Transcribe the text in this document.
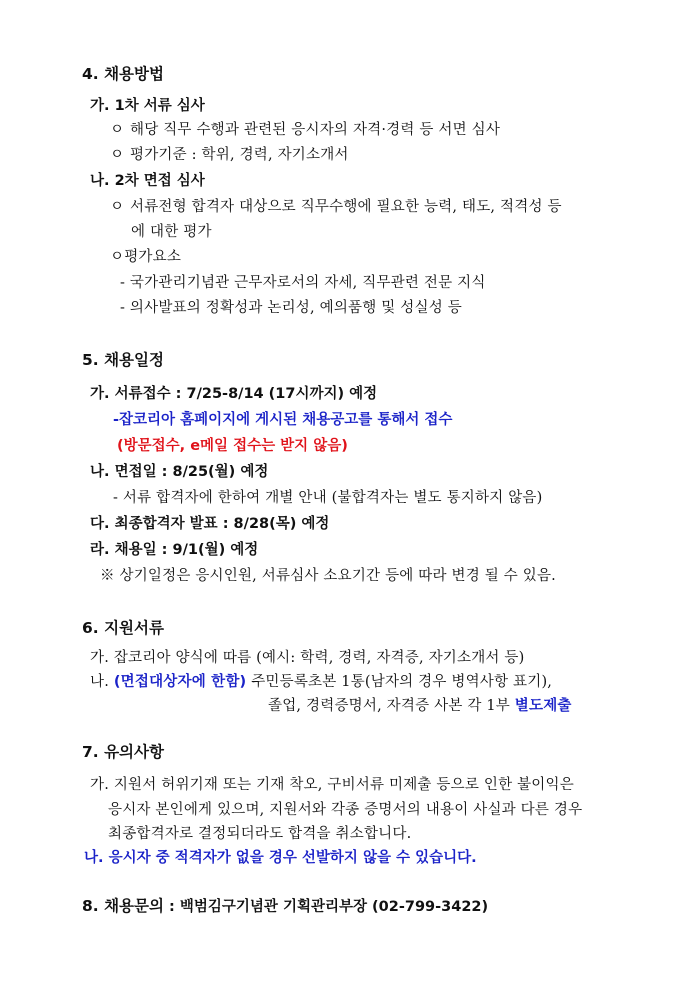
4. 채용방법
가. 1차 서류 심사
ㅇ 해당 직무 수행과 관련된 응시자의 자격·경력 등 서면 심사
ㅇ 평가기준 : 학위, 경력, 자기소개서
나. 2차 면접 심사
ㅇ 서류전형 합격자 대상으로 직무수행에 필요한 능력, 태도, 적격성 등
에 대한 평가
ㅇ평가요소
- 국가관리기념관 근무자로서의 자세, 직무관련 전문 지식
- 의사발표의 정확성과 논리성, 예의품행 및 성실성 등
5. 채용일정
가. 서류접수 : 7/25-8/14 (17시까지) 예정
-잡코리아 홈페이지에 게시된 채용공고를 통해서 접수
(방문접수, e메일 접수는 받지 않음)
나. 면접일 : 8/25(월) 예정
- 서류 합격자에 한하여 개별 안내 (불합격자는 별도 통지하지 않음)
다. 최종합격자 발표 : 8/28(목) 예정
라. 채용일 : 9/1(월) 예정
※ 상기일정은 응시인원, 서류심사 소요기간 등에 따라 변경 될 수 있음.
6. 지원서류
가. 잡코리아 양식에 따름 (예시: 학력, 경력, 자격증, 자기소개서 등)
나. (면접대상자에 한함) 주민등록초본 1통(남자의 경우 병역사항 표기),
졸업, 경력증명서, 자격증 사본 각 1부 별도제출
7. 유의사항
가. 지원서 허위기재 또는 기재 착오, 구비서류 미제출 등으로 인한 불이익은
응시자 본인에게 있으며, 지원서와 각종 증명서의 내용이 사실과 다른 경우
최종합격자로 결정되더라도 합격을 취소합니다.
나. 응시자 중 적격자가 없을 경우 선발하지 않을 수 있습니다.
8. 채용문의 : 백범김구기념관 기획관리부장 (02-799-3422)
